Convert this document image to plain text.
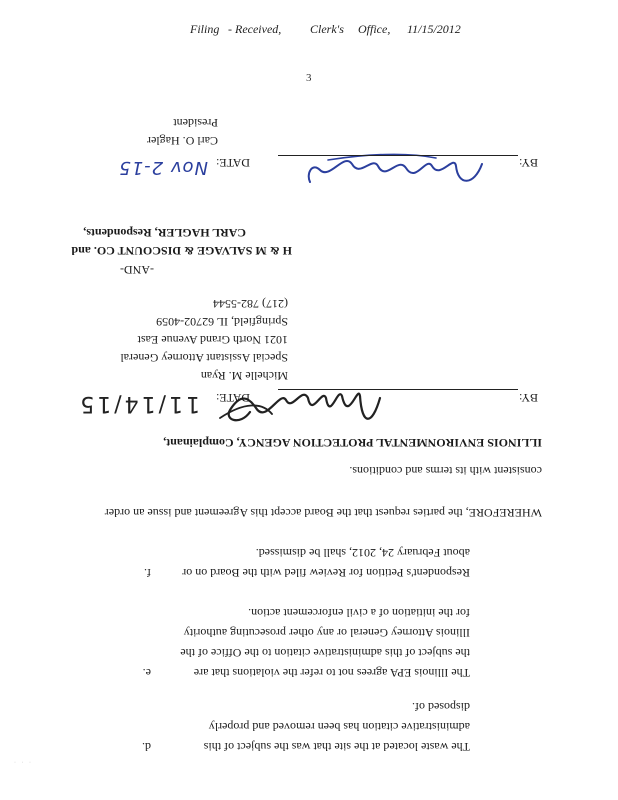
Filing - Received, Clerk's Office, 11/15/2012
3
d.	The waste located at the site that was the subject of this
administrative citation has been removed and properly
disposed of.
e.	The Illinois EPA agrees not to refer the violations that are
the subject of this administrative citation to the Office of the
Illinois Attorney General or any other prosecuting authority
for the initiation of a civil enforcement action.
f.	Respondent's Petition for Review filed with the Board on or
about February 24, 2012, shall be dismissed.
WHEREFORE, the parties request that the Board accept this Agreement and issue an order
consistent with its terms and conditions.
ILLINOIS ENVIRONMENTAL PROTECTION AGENCY, Complainant,
BY:
DATE:
11/14/15
Michelle M. Ryan
Special Assistant Attorney General
1021 North Grand Avenue East
Springfield, IL 62702-4059
(217) 782-5544
-AND-
H & M SALVAGE & DISCOUNT CO. and
CARL HAGLER, Respondents,
BY:
DATE:
Nov 2-15
Carl O. Hagler
President
· · ·
